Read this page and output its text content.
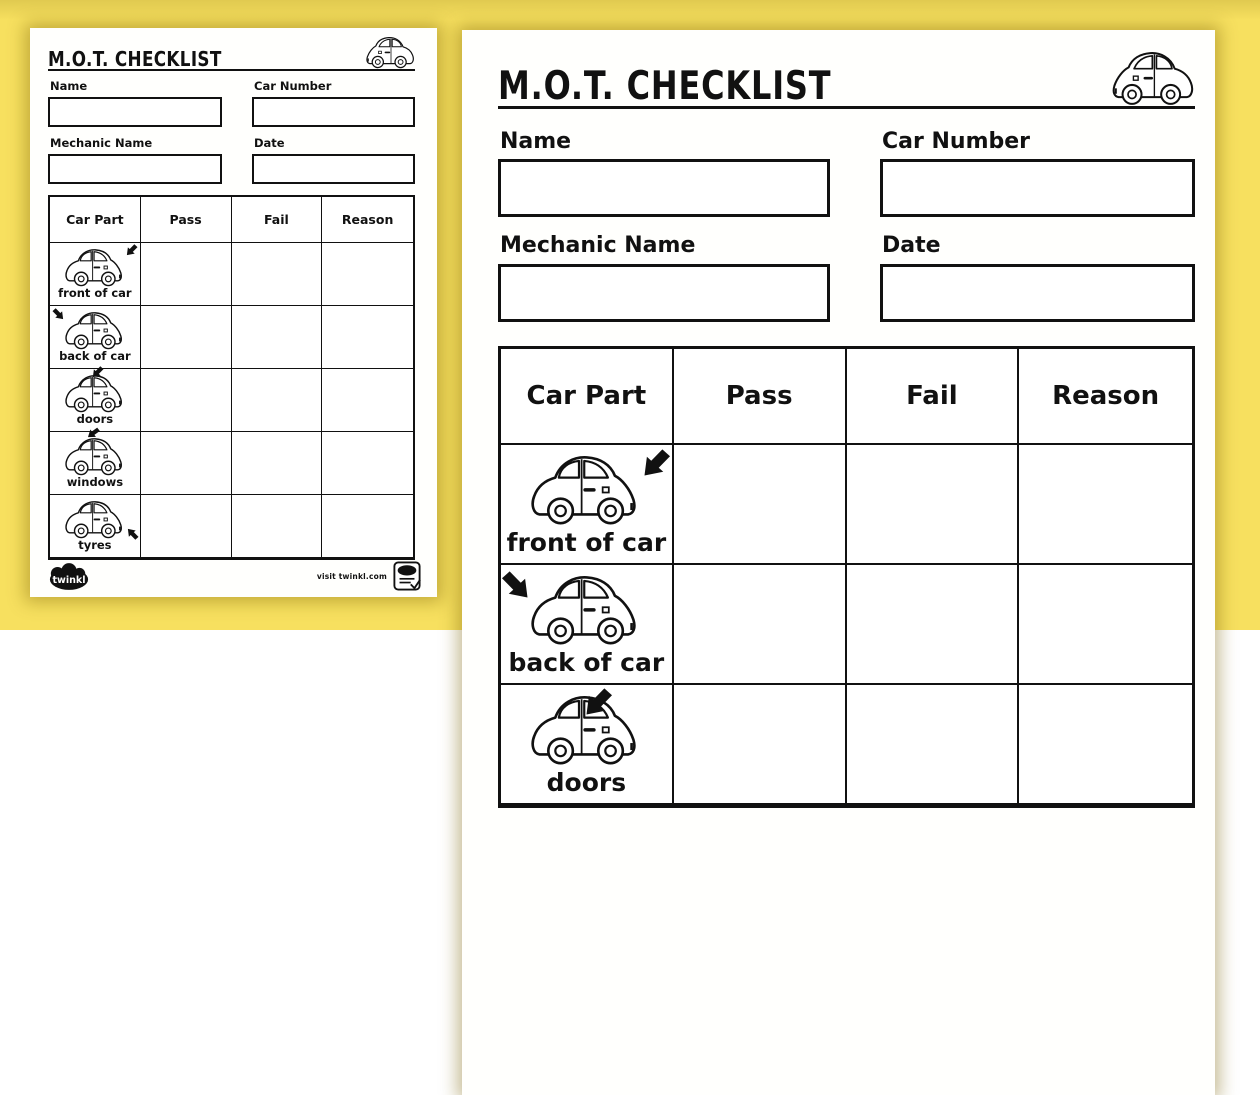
M.O.T. CHECKLIST
Name
Mechanic Name
Car Number
Date
Car Part	Pass	Fail	Reason
front of car
back of car
doors
windows
tyres
twinkl	visit twinkl.com
M.O.T. CHECKLIST
Name
Mechanic Name
Car Number
Date
Car Part	Pass	Fail	Reason
front of car
back of car
doors
